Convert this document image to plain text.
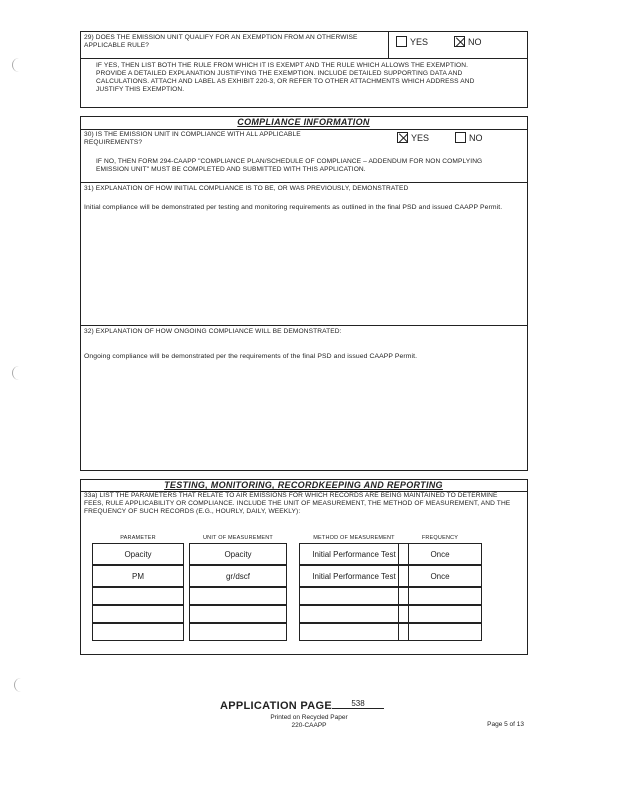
29) DOES THE EMISSION UNIT QUALIFY FOR AN EXEMPTION FROM AN OTHERWISE APPLICABLE RULE?	YES	NO
IF YES, THEN LIST BOTH THE RULE FROM WHICH IT IS EXEMPT AND THE RULE WHICH ALLOWS THE EXEMPTION. PROVIDE A DETAILED EXPLANATION JUSTIFYING THE EXEMPTION. INCLUDE DETAILED SUPPORTING DATA AND CALCULATIONS. ATTACH AND LABEL AS EXHIBIT 220-3, OR REFER TO OTHER ATTACHMENTS WHICH ADDRESS AND JUSTIFY THIS EXEMPTION.
COMPLIANCE INFORMATION
30) IS THE EMISSION UNIT IN COMPLIANCE WITH ALL APPLICABLE REQUIREMENTS?	YES	NO
IF NO, THEN FORM 294-CAAPP "COMPLIANCE PLAN/SCHEDULE OF COMPLIANCE – ADDENDUM FOR NON COMPLYING EMISSION UNIT" MUST BE COMPLETED AND SUBMITTED WITH THIS APPLICATION.
31) EXPLANATION OF HOW INITIAL COMPLIANCE IS TO BE, OR WAS PREVIOUSLY, DEMONSTRATED
Initial compliance will be demonstrated per testing and monitoring requirements as outlined in the final PSD and issued CAAPP Permit.
32) EXPLANATION OF HOW ONGOING COMPLIANCE WILL BE DEMONSTRATED:
Ongoing compliance will be demonstrated per the requirements of the final PSD and issued CAAPP Permit.
TESTING, MONITORING, RECORDKEEPING AND REPORTING
33a) LIST THE PARAMETERS THAT RELATE TO AIR EMISSIONS FOR WHICH RECORDS ARE BEING MAINTAINED TO DETERMINE FEES, RULE APPLICABILITY OR COMPLIANCE. INCLUDE THE UNIT OF MEASUREMENT, THE METHOD OF MEASUREMENT, AND THE FREQUENCY OF SUCH RECORDS (E.G., HOURLY, DAILY, WEEKLY):
PARAMETER	UNIT OF MEASUREMENT	METHOD OF MEASUREMENT	FREQUENCY
Opacity	Opacity	Initial Performance Test	Once
PM	gr/dscf	Initial Performance Test	Once
APPLICATION PAGE	538
Printed on Recycled Paper
220-CAAPP	Page 5 of 13
